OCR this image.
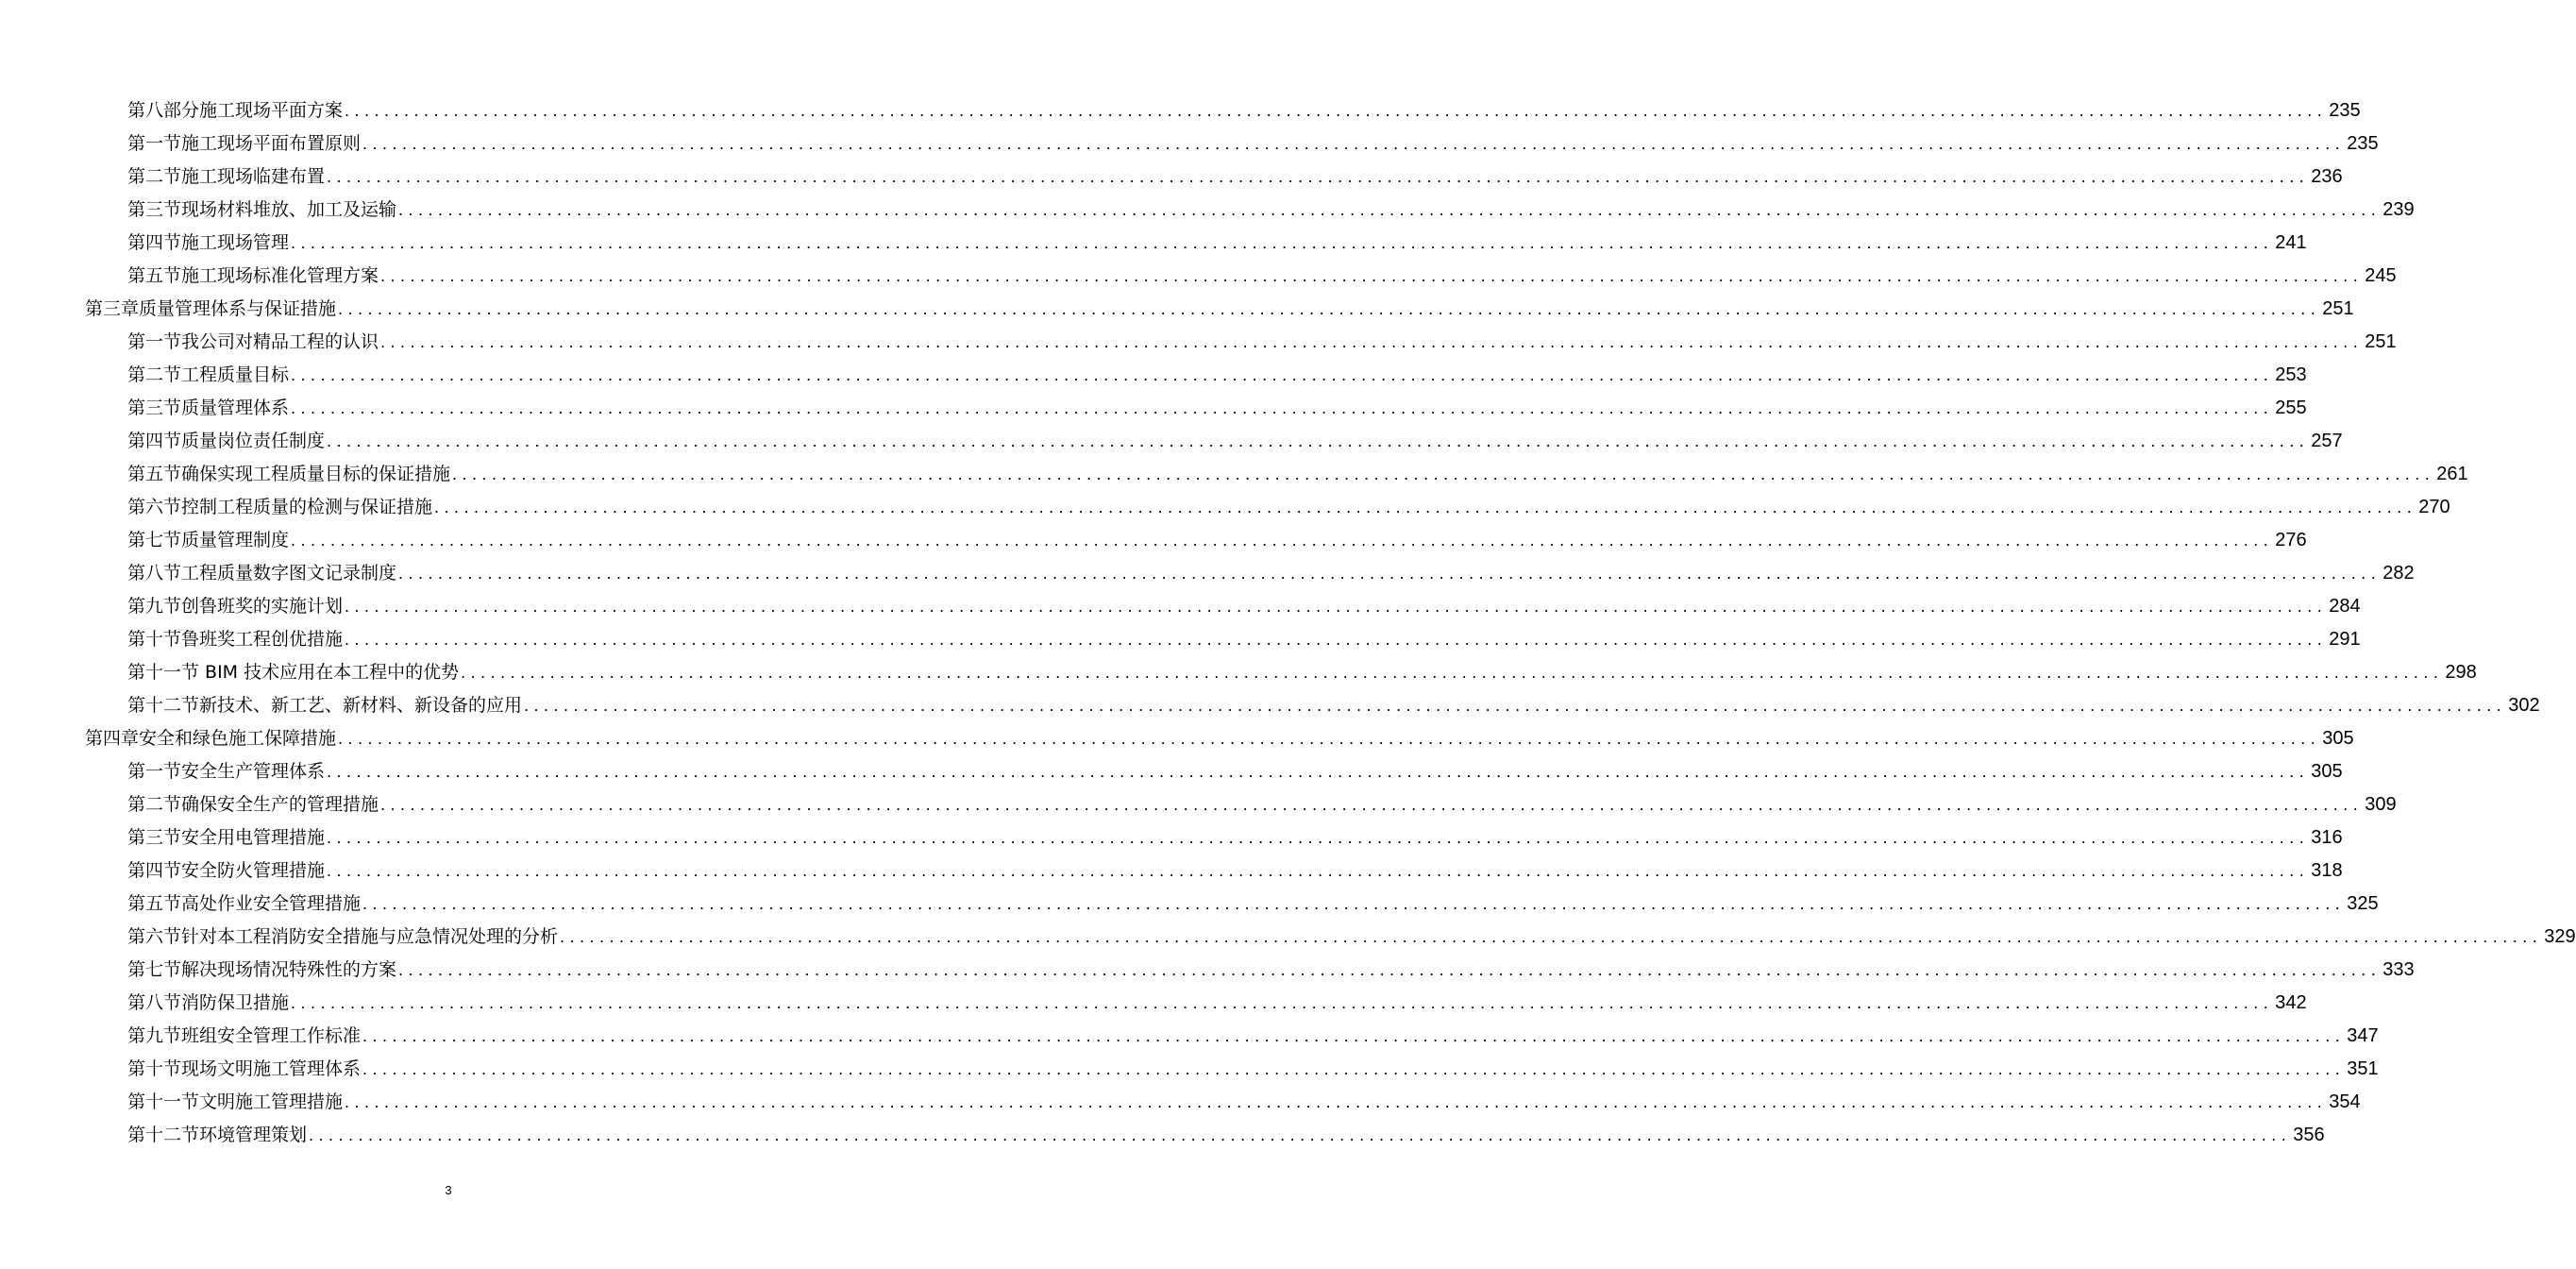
第八部分施工现场平面方案 ........................................................................................................................................................................................................ 235
第一节施工现场平面布置原则 ........................................................................................................................................................................................................ 235
第二节施工现场临建布置 ........................................................................................................................................................................................................ 236
第三节现场材料堆放、加工及运输 ........................................................................................................................................................................................................ 239
第四节施工现场管理 ........................................................................................................................................................................................................ 241
第五节施工现场标准化管理方案 ........................................................................................................................................................................................................ 245
第三章质量管理体系与保证措施 ........................................................................................................................................................................................................ 251
第一节我公司对精品工程的认识 ........................................................................................................................................................................................................ 251
第二节工程质量目标 ........................................................................................................................................................................................................ 253
第三节质量管理体系 ........................................................................................................................................................................................................ 255
第四节质量岗位责任制度 ........................................................................................................................................................................................................ 257
第五节确保实现工程质量目标的保证措施 ........................................................................................................................................................................................................ 261
第六节控制工程质量的检测与保证措施 ........................................................................................................................................................................................................ 270
第七节质量管理制度 ........................................................................................................................................................................................................ 276
第八节工程质量数字图文记录制度 ........................................................................................................................................................................................................ 282
第九节创鲁班奖的实施计划 ........................................................................................................................................................................................................ 284
第十节鲁班奖工程创优措施 ........................................................................................................................................................................................................ 291
第十一节 BIM 技术应用在本工程中的优势 ........................................................................................................................................................................................................ 298
第十二节新技术、新工艺、新材料、新设备的应用 ........................................................................................................................................................................................................ 302
第四章安全和绿色施工保障措施 ........................................................................................................................................................................................................ 305
第一节安全生产管理体系 ........................................................................................................................................................................................................ 305
第二节确保安全生产的管理措施 ........................................................................................................................................................................................................ 309
第三节安全用电管理措施 ........................................................................................................................................................................................................ 316
第四节安全防火管理措施 ........................................................................................................................................................................................................ 318
第五节高处作业安全管理措施 ........................................................................................................................................................................................................ 325
第六节针对本工程消防安全措施与应急情况处理的分析 ........................................................................................................................................................................................................ 329
第七节解决现场情况特殊性的方案 ........................................................................................................................................................................................................ 333
第八节消防保卫措施 ........................................................................................................................................................................................................ 342
第九节班组安全管理工作标准 ........................................................................................................................................................................................................ 347
第十节现场文明施工管理体系 ........................................................................................................................................................................................................ 351
第十一节文明施工管理措施 ........................................................................................................................................................................................................ 354
第十二节环境管理策划 ........................................................................................................................................................................................................ 356
3
